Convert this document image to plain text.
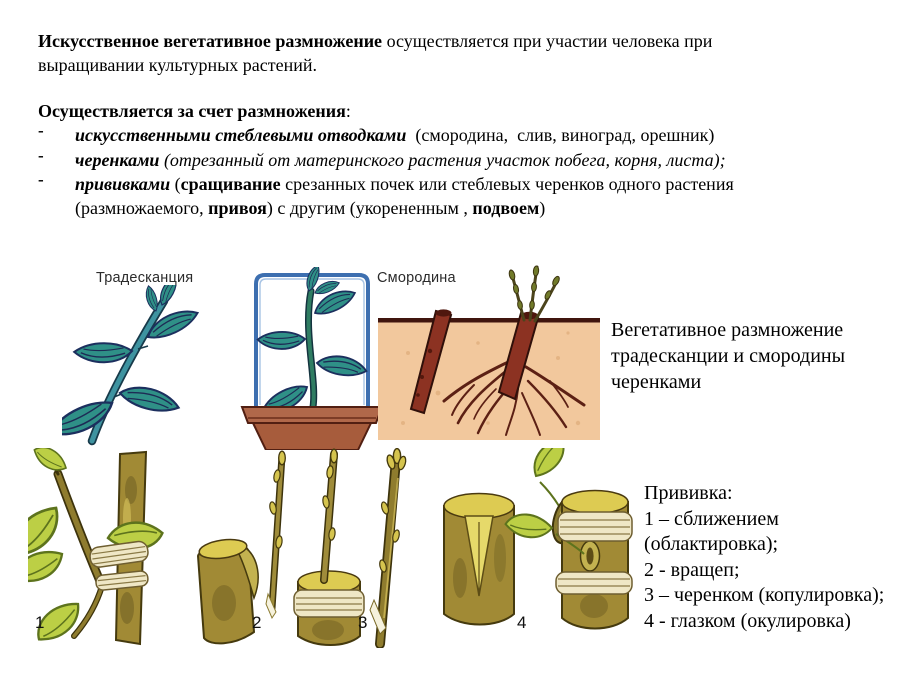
Искусственное вегетативное размножение осуществляется при участии человека при
выращивании культурных растений.
Осуществляется за счет размножения:
-	искусственными стеблевыми отводками  (смородина,  слив, виноград, орешник)
-	черенками (отрезанный от материнского растения участок побега, корня, листа);
-	прививками (сращивание срезанных почек или стеблевых черенков одного растения
(размножаемого, привоя) с другим (укорененным , подвоем)
Традесканция	Смородина
Вегетативное размножение традесканции и смородины черенками
1	2	3	4
Прививка:
1 – сближением
(облактировка);
2 - вращеп;
3 – черенком (копулировка);
4 - глазком (окулировка)
